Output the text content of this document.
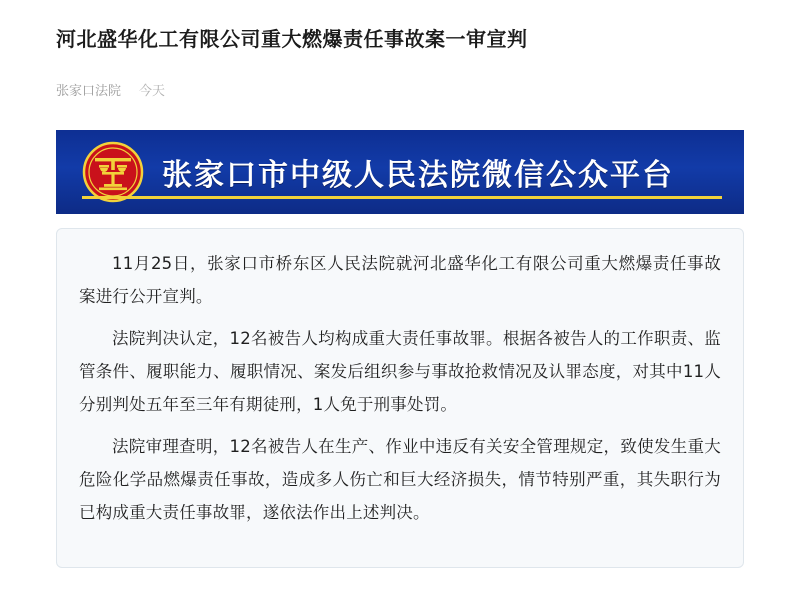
河北盛华化工有限公司重大燃爆责任事故案一审宣判
张家口法院 今天
张家口市中级人民法院微信公众平台

11月25日，张家口市桥东区人民法院就河北盛华化工有限公司重大燃爆责任事故案进行公开宣判。

法院判决认定，12名被告人均构成重大责任事故罪。根据各被告人的工作职责、监管条件、履职能力、履职情况、案发后组织参与事故抢救情况及认罪态度，对其中11人分别判处五年至三年有期徒刑，1人免于刑事处罚。

法院审理查明，12名被告人在生产、作业中违反有关安全管理规定，致使发生重大危险化学品燃爆责任事故，造成多人伤亡和巨大经济损失，情节特别严重，其失职行为已构成重大责任事故罪，遂依法作出上述判决。
